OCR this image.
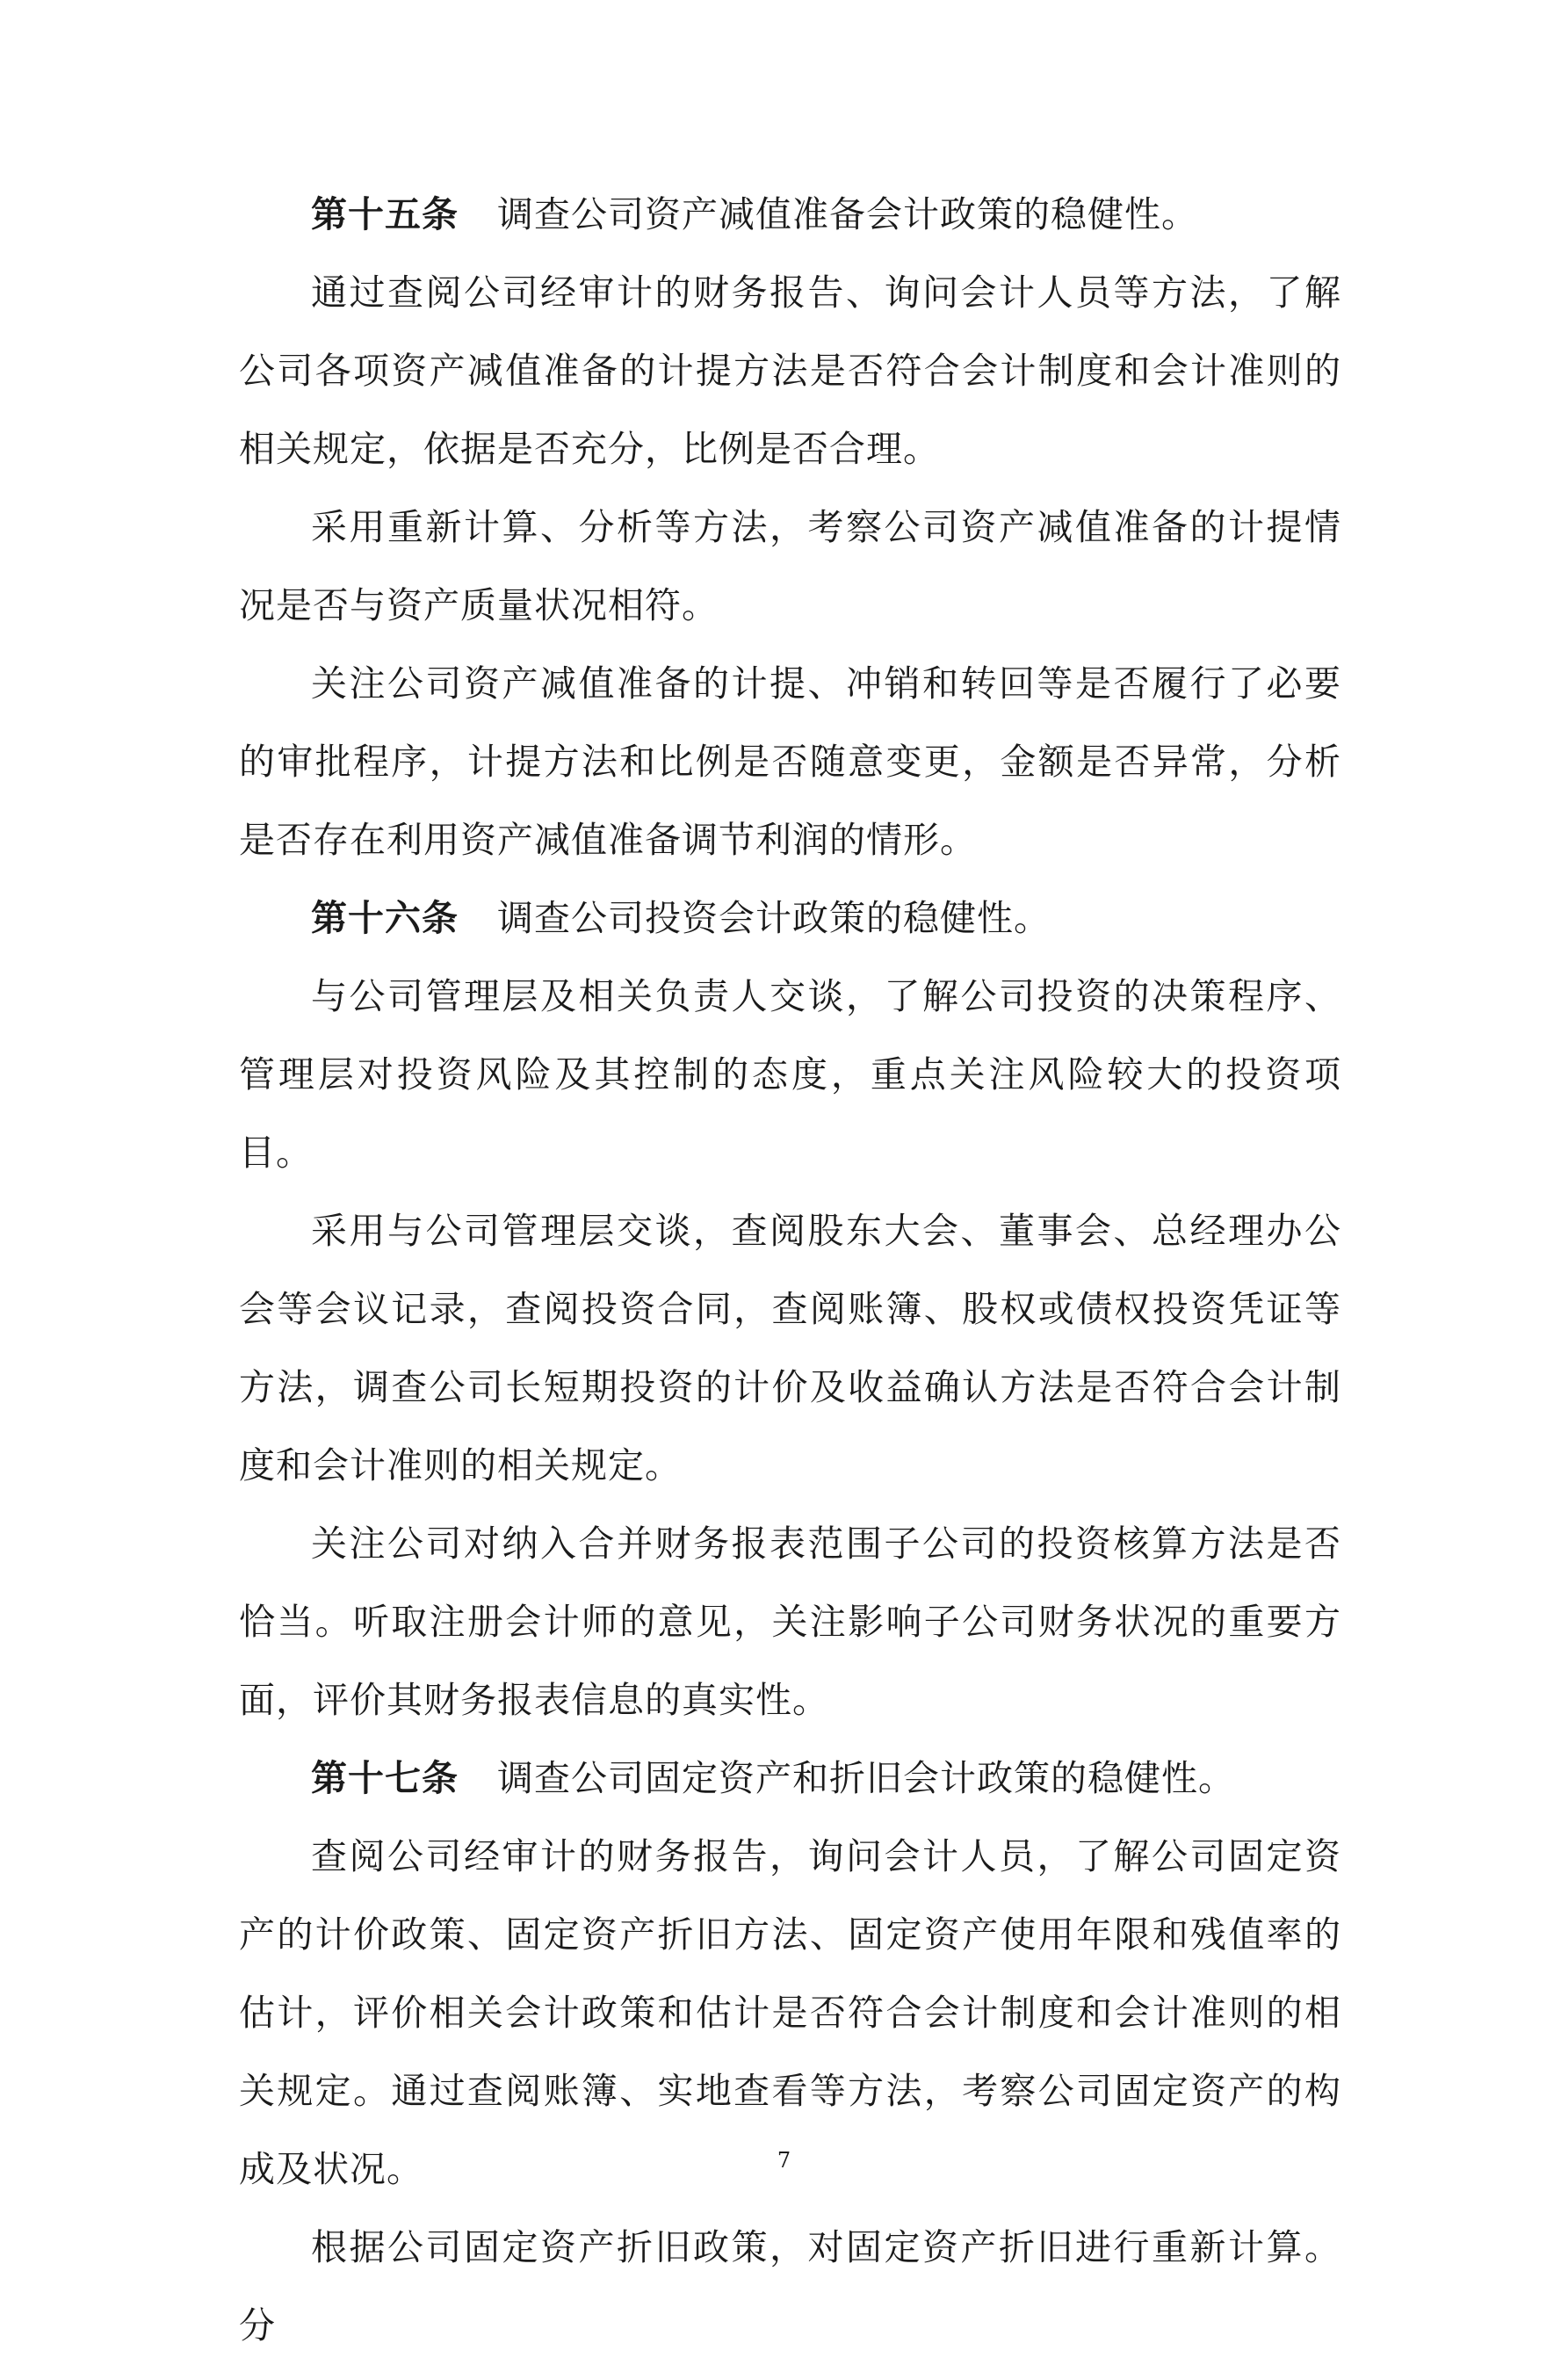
第十五条 调查公司资产减值准备会计政策的稳健性。

通过查阅公司经审计的财务报告、询问会计人员等方法，了解公司各项资产减值准备的计提方法是否符合会计制度和会计准则的相关规定，依据是否充分，比例是否合理。

采用重新计算、分析等方法，考察公司资产减值准备的计提情况是否与资产质量状况相符。

关注公司资产减值准备的计提、冲销和转回等是否履行了必要的审批程序，计提方法和比例是否随意变更，金额是否异常，分析是否存在利用资产减值准备调节利润的情形。

第十六条 调查公司投资会计政策的稳健性。

与公司管理层及相关负责人交谈，了解公司投资的决策程序、管理层对投资风险及其控制的态度，重点关注风险较大的投资项目。

采用与公司管理层交谈，查阅股东大会、董事会、总经理办公会等会议记录，查阅投资合同，查阅账簿、股权或债权投资凭证等方法，调查公司长短期投资的计价及收益确认方法是否符合会计制度和会计准则的相关规定。

关注公司对纳入合并财务报表范围子公司的投资核算方法是否恰当。听取注册会计师的意见，关注影响子公司财务状况的重要方面，评价其财务报表信息的真实性。

第十七条 调查公司固定资产和折旧会计政策的稳健性。

查阅公司经审计的财务报告，询问会计人员，了解公司固定资产的计价政策、固定资产折旧方法、固定资产使用年限和残值率的估计，评价相关会计政策和估计是否符合会计制度和会计准则的相关规定。通过查阅账簿、实地查看等方法，考察公司固定资产的构成及状况。

根据公司固定资产折旧政策，对固定资产折旧进行重新计算。分

7
